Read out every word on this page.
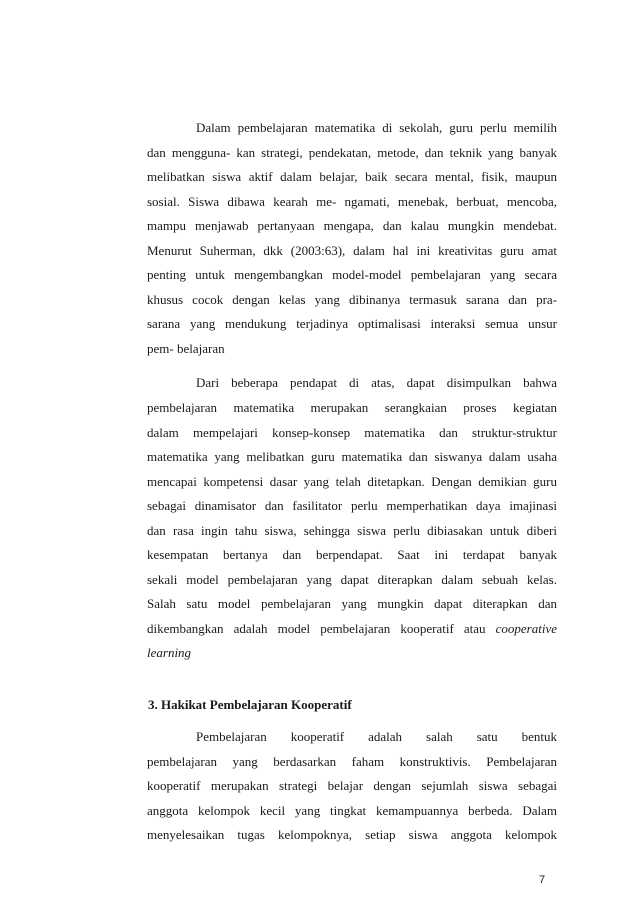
Dalam pembelajaran matematika di sekolah, guru perlu memilih
dan mengguna- kan strategi, pendekatan, metode, dan teknik yang banyak
melibatkan siswa aktif dalam belajar, baik secara mental, fisik, maupun
sosial. Siswa dibawa kearah me- ngamati, menebak, berbuat, mencoba,
mampu menjawab pertanyaan mengapa, dan kalau mungkin mendebat.
Menurut Suherman, dkk (2003:63), dalam hal ini kreativitas guru amat
penting untuk mengembangkan model-model pembelajaran yang secara
khusus cocok dengan kelas yang dibinanya termasuk sarana dan pra-
sarana yang mendukung terjadinya optimalisasi interaksi semua unsur
pem- belajaran
Dari beberapa pendapat di atas, dapat disimpulkan bahwa
pembelajaran matematika merupakan serangkaian proses kegiatan
dalam mempelajari konsep-konsep matematika dan struktur-struktur
matematika yang melibatkan guru matematika dan siswanya dalam usaha
mencapai kompetensi dasar yang telah ditetapkan. Dengan demikian guru
sebagai dinamisator dan fasilitator perlu memperhatikan daya imajinasi
dan rasa ingin tahu siswa, sehingga siswa perlu dibiasakan untuk diberi
kesempatan bertanya dan berpendapat. Saat ini terdapat banyak
sekali model pembelajaran yang dapat diterapkan dalam sebuah kelas.
Salah satu model pembelajaran yang mungkin dapat diterapkan dan
dikembangkan adalah model pembelajaran kooperatif atau cooperative
learning
3. Hakikat Pembelajaran Kooperatif
Pembelajaran kooperatif adalah salah satu bentuk
pembelajaran yang berdasarkan faham konstruktivis. Pembelajaran
kooperatif merupakan strategi belajar dengan sejumlah siswa sebagai
anggota kelompok kecil yang tingkat kemampuannya berbeda. Dalam
menyelesaikan tugas kelompoknya, setiap siswa anggota kelompok
7
